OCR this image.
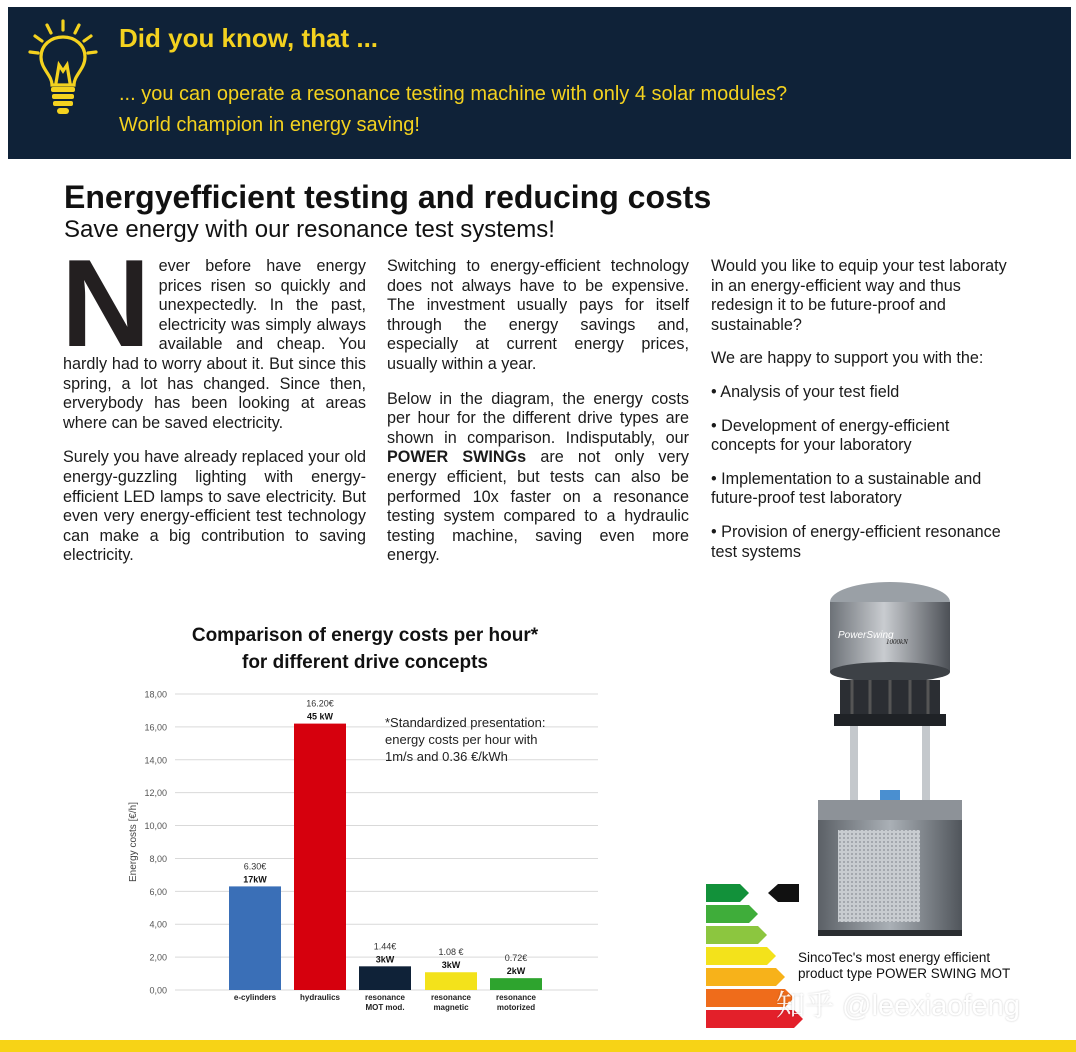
Did you know, that ...
... you can operate a resonance testing machine with only 4 solar modules?
World champion in energy saving!
Energyefficient testing and reducing costs
Save energy with our resonance test systems!

Never before have energy prices risen so quickly and unexpectedly. In the past, electricity was simply always available and cheap. You hardly had to worry about it. But since this spring, a lot has changed. Since then, erverybody has been looking at areas where can be saved electricity.

Surely you have already replaced your old energy-guzzling lighting with energy-efficient LED lamps to save electricity. But even very energy-efficient test technology can make a big contribution to saving electricity.

Switching to energy-efficient technology does not always have to be expensive. The investment usually pays for itself through the energy savings and, especially at current energy prices, usually within a year.

Below in the diagram, the energy costs per hour for the different drive types are shown in comparison. Indisputably, our POWER SWINGs are not only very energy efficient, but tests can also be performed 10x faster on a resonance testing system compared to a hydraulic testing machine, saving even more energy.

Would you like to equip your test laboraty in an energy-efficient way and thus redesign it to be future-proof and sustainable?

We are happy to support you with the:

• Analysis of your test field

• Development of energy-efficient concepts for your laboratory

• Implementation to a sustainable and future-proof test laboratory

• Provision of energy-efficient resonance test systems

Comparison of energy costs per hour*
for different drive concepts
0,00
2,00
4,00
6,00
8,00
10,00
12,00
14,00
16,00
18,00
Energy costs [€/h]	17kW
6.30€
e-cylinders
45 kW
16.20€
hydraulics
3kW
1.44€
resonance
MOT mod.
3kW
1.08 €
resonance
magnetic
2kW
0.72€
resonance
motorized
*Standardized presentation:
energy costs per hour with
1m/s and 0.36 €/kWh
PowerSwing
1000kN
SincoTec's most energy efficient
product type POWER SWING MOT
知乎 @leexiaofeng
